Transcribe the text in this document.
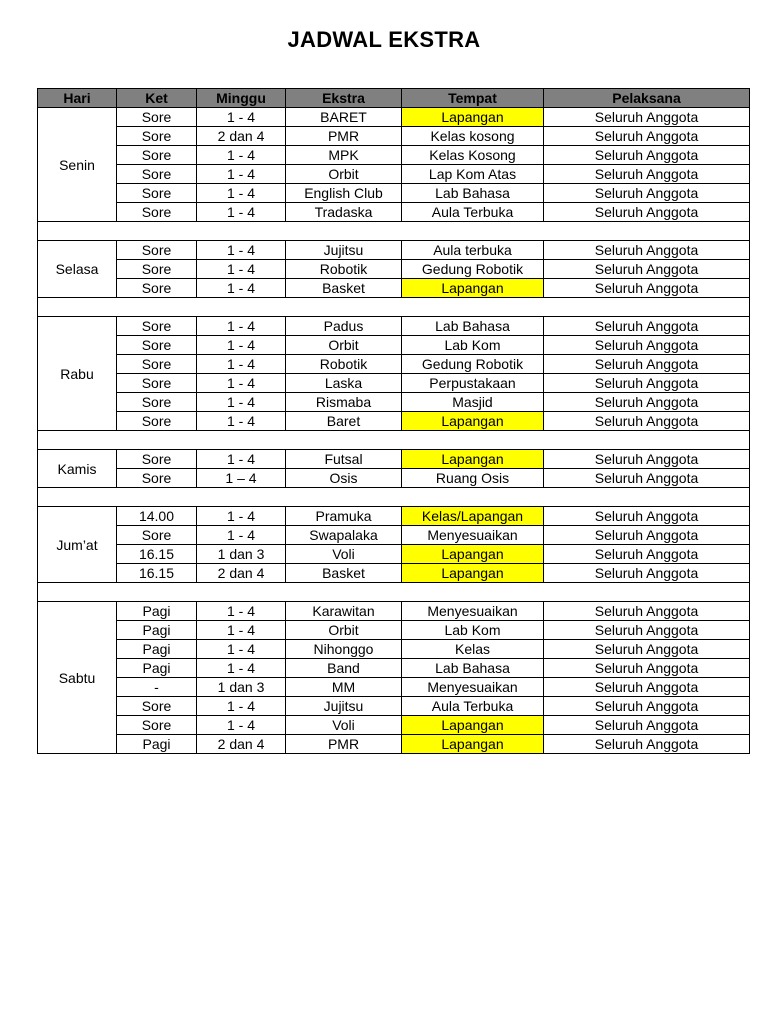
JADWAL EKSTRA
Hari	Ket	Minggu	Ekstra	Tempat	Pelaksana
Senin	Sore	1 - 4	BARET	Lapangan	Seluruh Anggota
	Sore	2 dan 4	PMR	Kelas kosong	Seluruh Anggota
	Sore	1 - 4	MPK	Kelas Kosong	Seluruh Anggota
	Sore	1 - 4	Orbit	Lap Kom Atas	Seluruh Anggota
	Sore	1 - 4	English Club	Lab Bahasa	Seluruh Anggota
	Sore	1 - 4	Tradaska	Aula Terbuka	Seluruh Anggota

Selasa	Sore	1 - 4	Jujitsu	Aula terbuka	Seluruh Anggota
	Sore	1 - 4	Robotik	Gedung Robotik	Seluruh Anggota
	Sore	1 - 4	Basket	Lapangan	Seluruh Anggota

Rabu	Sore	1 - 4	Padus	Lab Bahasa	Seluruh Anggota
	Sore	1 - 4	Orbit	Lab Kom	Seluruh Anggota
	Sore	1 - 4	Robotik	Gedung Robotik	Seluruh Anggota
	Sore	1 - 4	Laska	Perpustakaan	Seluruh Anggota
	Sore	1 - 4	Rismaba	Masjid	Seluruh Anggota
	Sore	1 - 4	Baret	Lapangan	Seluruh Anggota

Kamis	Sore	1 - 4	Futsal	Lapangan	Seluruh Anggota
	Sore	1 – 4	Osis	Ruang Osis	Seluruh Anggota

Jum’at	14.00	1 - 4	Pramuka	Kelas/Lapangan	Seluruh Anggota
	Sore	1 - 4	Swapalaka	Menyesuaikan	Seluruh Anggota
	16.15	1 dan 3	Voli	Lapangan	Seluruh Anggota
	16.15	2 dan 4	Basket	Lapangan	Seluruh Anggota

Sabtu	Pagi	1 - 4	Karawitan	Menyesuaikan	Seluruh Anggota
	Pagi	1 - 4	Orbit	Lab Kom	Seluruh Anggota
	Pagi	1 - 4	Nihonggo	Kelas	Seluruh Anggota
	Pagi	1 - 4	Band	Lab Bahasa	Seluruh Anggota
	-	1 dan 3	MM	Menyesuaikan	Seluruh Anggota
	Sore	1 - 4	Jujitsu	Aula Terbuka	Seluruh Anggota
	Sore	1 - 4	Voli	Lapangan	Seluruh Anggota
	Pagi	2 dan 4	PMR	Lapangan	Seluruh Anggota
